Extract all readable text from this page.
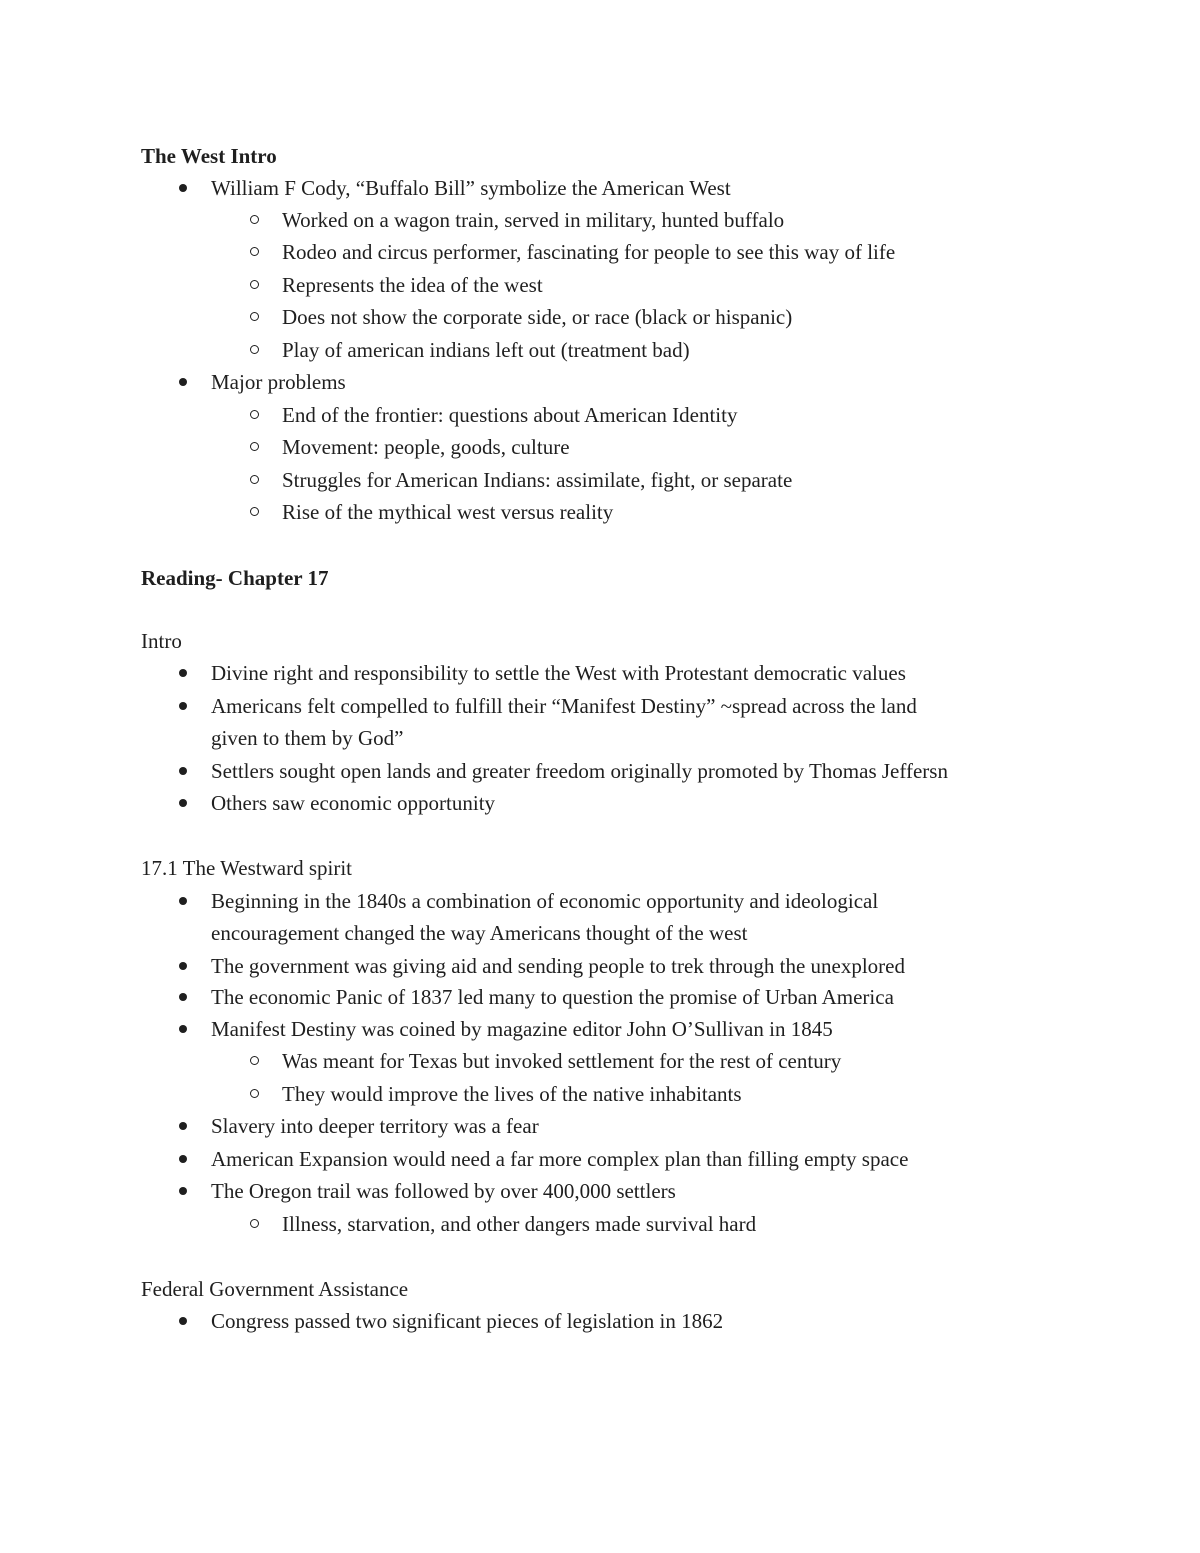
The West Intro
William F Cody, “Buffalo Bill” symbolize the American West
Worked on a wagon train, served in military, hunted buffalo
Rodeo and circus performer, fascinating for people to see this way of life
Represents the idea of the west
Does not show the corporate side, or race (black or hispanic)
Play of american indians left out (treatment bad)
Major problems
End of the frontier: questions about American Identity
Movement: people, goods, culture
Struggles for American Indians: assimilate, fight, or separate
Rise of the mythical west versus reality
Reading- Chapter 17
Intro
Divine right and responsibility to settle the West with Protestant democratic values
Americans felt compelled to fulfill their “Manifest Destiny” ~spread across the land
given to them by God”
Settlers sought open lands and greater freedom originally promoted by Thomas Jeffersn
Others saw economic opportunity
17.1 The Westward spirit
Beginning in the 1840s a combination of economic opportunity and ideological
encouragement changed the way Americans thought of the west
The government was giving aid and sending people to trek through the unexplored
The economic Panic of 1837 led many to question the promise of Urban America
Manifest Destiny was coined by magazine editor John O’Sullivan in 1845
Was meant for Texas but invoked settlement for the rest of century
They would improve the lives of the native inhabitants
Slavery into deeper territory was a fear
American Expansion would need a far more complex plan than filling empty space
The Oregon trail was followed by over 400,000 settlers
Illness, starvation, and other dangers made survival hard
Federal Government Assistance
Congress passed two significant pieces of legislation in 1862
